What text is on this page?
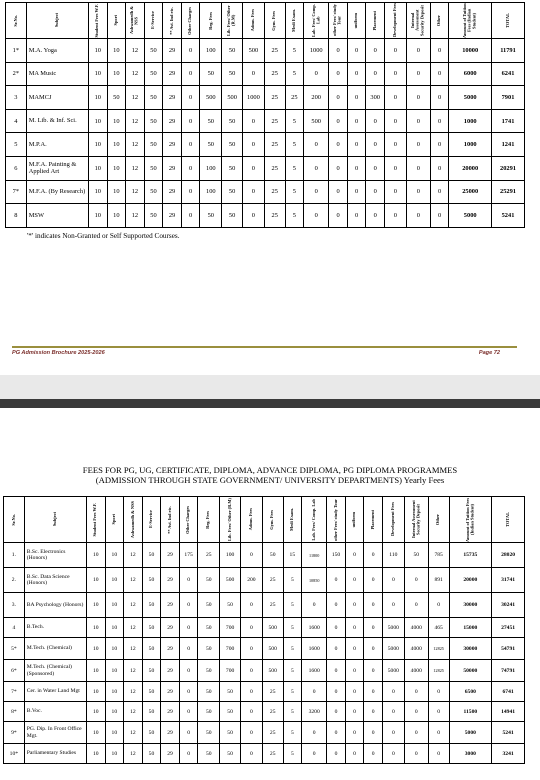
Sr.No.	Subject	Student Fees W.F.	Sport	Ashwamedh & NSS	E-Service	** Avi. Ind etc.	Other Charges	Reg. Fees	Lib. Fees/ Other (R.M)	Admn. Fees	Gym. Fees	Medi Exam.	Lab. Fees/ Comp. Lab	other Fees/ study Tour	uniform	Placement	Development Fees	Internal Assessment Security Deposit	Other	Amount of Tuition Fees (Indian Student)	TOTAL

1*	M.A. Yoga	10	10	12	50	29	0	100	50	500	25	5	1000	0	0	0	0	0	0	10000	11791
2*	MA Music	10	10	12	50	29	0	50	50	0	25	5	0	0	0	0	0	0	0	6000	6241
3	MAMCJ	10	50	12	50	29	0	500	500	1000	25	25	200	0	0	300	0	0	0	5000	7901
4	M. Lib. & Inf. Sci.	10	10	12	50	29	0	50	50	0	25	5	500	0	0	0	0	0	0	1000	1741
5	M.P.A.	10	10	12	50	29	0	50	50	0	25	5	0	0	0	0	0	0	0	1000	1241
6	M.F.A. Painting & Applied Art	10	10	12	50	29	0	100	50	0	25	5	0	0	0	0	0	0	0	20000	20291
7*	M.F.A. (By Research)	10	10	12	50	29	0	100	50	0	25	5	0	0	0	0	0	0	0	25000	25291
8	MSW	10	10	12	50	29	0	50	50	0	25	5	0	0	0	0	0	0	0	5000	5241
'*' indicates Non-Granted or Self Supported Courses.
PG Admission Brochure 2025-2026	Page 72
FEES FOR PG, UG, CERTIFICATE, DIPLOMA, ADVANCE DIPLOMA, PG DIPLOMA PROGRAMMES
(ADMISSION THROUGH STATE GOVERNMENT/ UNIVERSITY DEPARTMENTS) Yearly Fees
Sr.No.	Subject	Student Fees W.F.	Sport	Ashwamedh & NSS	E-Service	** Avi. Ind etc.	Other Charges	Reg. Fees	Lib. Fees/ Other (R.M)	Admn. Fees	Gym. Fees	Medi Exam.	Lab. Fees/ Comp. Lab	other Fees/ study Tour	uniform	Placement	Development Fees	Internal Assessment Security Deposit	Other	Amount of Tuition Fees (Indian Student)	TOTAL

1.	B.Sc. Electronics (Honors)	10	10	12	50	29	175	25	100	0	50	15	11800	150	0	0	110	50	785	15735	28020
2.	B.Sc. Data Science (Honors)	10	10	12	50	29	0	50	500	200	25	5	10850	0	0	0	0	0	891	20000	31741
3.	BA Psychology (Honors)	10	10	12	50	29	0	50	50	0	25	5	0	0	0	0	0	0	0	30000	30241
4	B.Tech.	10	10	12	50	29	0	50	700	0	500	5	1600	0	0	0	5000	4000	465	15000	27451
5*	M.Tech. (Chemical)	10	10	12	50	29	0	50	700	0	500	5	1600	0	0	0	5000	4000	12825	30000	54791
6*	M.Tech. (Chemical) (Sponsored)	10	10	12	50	29	0	50	700	0	500	5	1600	0	0	0	5000	4000	12825	50000	74791
7*	Cer. in Water Land Mgt	10	10	12	50	29	0	50	50	0	25	5	0	0	0	0	0	0	0	6500	6741
8*	B.Voc.	10	10	12	50	29	0	50	50	0	25	5	3200	0	0	0	0	0	0	11500	14941
9*	PG. Dip. In Front Office Mgt.	10	10	12	50	29	0	50	50	0	25	5	0	0	0	0	0	0	0	5000	5241
10*	Parliamentary Studies	10	10	12	50	29	0	50	50	0	25	5	0	0	0	0	0	0	0	3000	3241
